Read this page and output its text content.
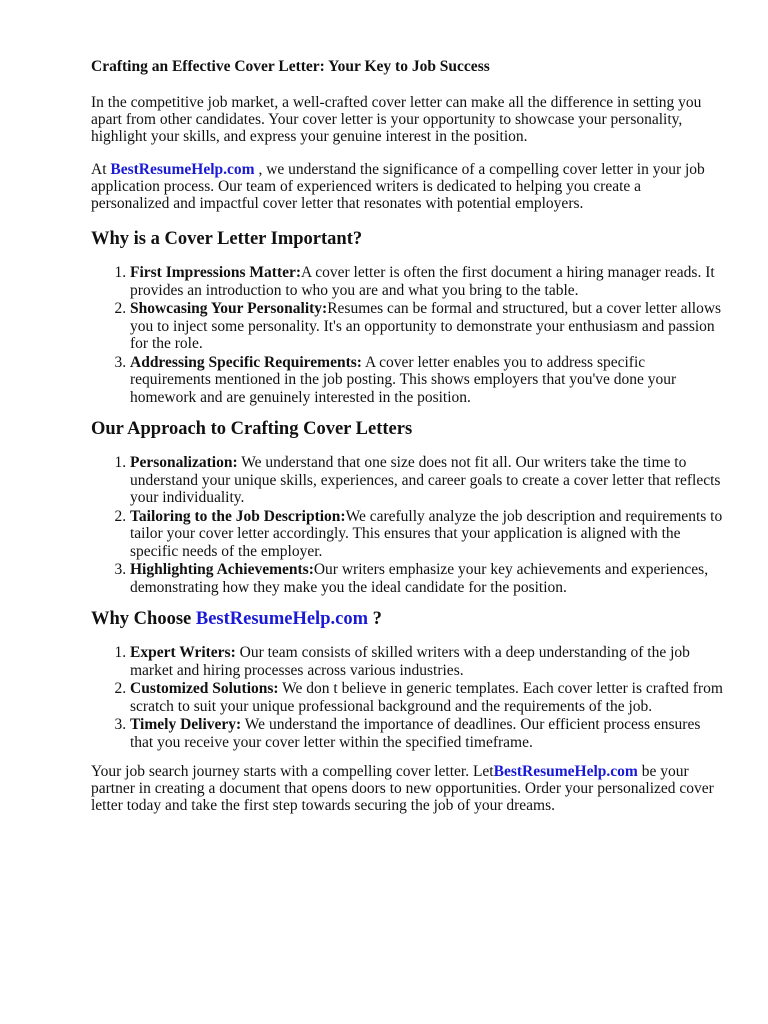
Crafting an Effective Cover Letter: Your Key to Job Success

In the competitive job market, a well-crafted cover letter can make all the difference in setting you apart from other candidates. Your cover letter is your opportunity to showcase your personality, highlight your skills, and express your genuine interest in the position.

At BestResumeHelp.com , we understand the significance of a compelling cover letter in your job application process. Our team of experienced writers is dedicated to helping you create a personalized and impactful cover letter that resonates with potential employers.

Why is a Cover Letter Important?
1. First Impressions Matter:A cover letter is often the first document a hiring manager reads. It provides an introduction to who you are and what you bring to the table.
2. Showcasing Your Personality:Resumes can be formal and structured, but a cover letter allows you to inject some personality. It's an opportunity to demonstrate your enthusiasm and passion for the role.
3. Addressing Specific Requirements: A cover letter enables you to address specific requirements mentioned in the job posting. This shows employers that you've done your homework and are genuinely interested in the position.
Our Approach to Crafting Cover Letters
1. Personalization: We understand that one size does not fit all. Our writers take the time to understand your unique skills, experiences, and career goals to create a cover letter that reflects your individuality.
2. Tailoring to the Job Description:We carefully analyze the job description and requirements to tailor your cover letter accordingly. This ensures that your application is aligned with the specific needs of the employer.
3. Highlighting Achievements:Our writers emphasize your key achievements and experiences, demonstrating how they make you the ideal candidate for the position.
Why Choose BestResumeHelp.com ?
1. Expert Writers: Our team consists of skilled writers with a deep understanding of the job market and hiring processes across various industries.
2. Customized Solutions: We don t believe in generic templates. Each cover letter is crafted from scratch to suit your unique professional background and the requirements of the job.
3. Timely Delivery: We understand the importance of deadlines. Our efficient process ensures that you receive your cover letter within the specified timeframe.

Your job search journey starts with a compelling cover letter. LetBestResumeHelp.com be your partner in creating a document that opens doors to new opportunities. Order your personalized cover letter today and take the first step towards securing the job of your dreams.
